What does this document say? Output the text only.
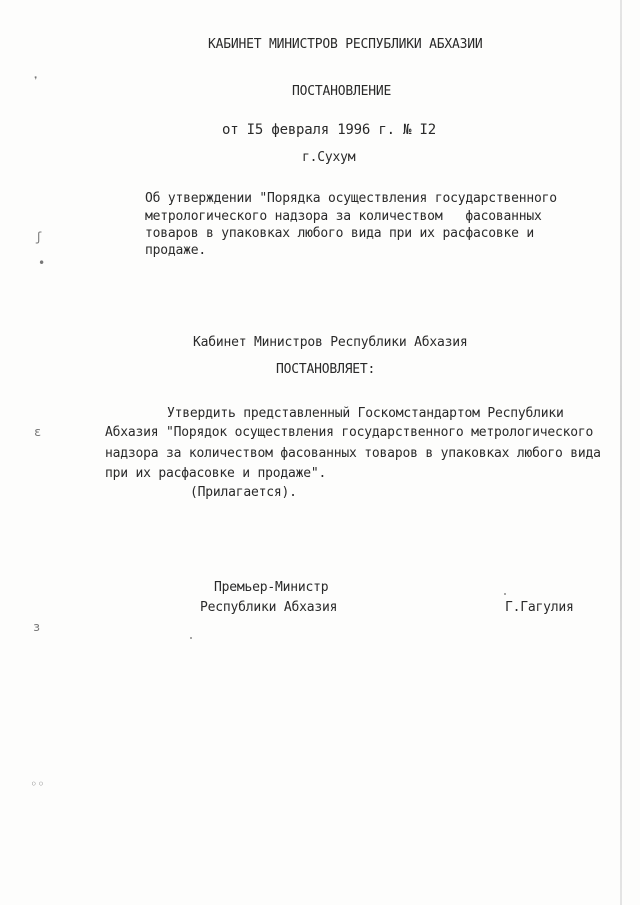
❜
ʃ
•
ɛ
ɜ
◦◦
КАБИНЕТ МИНИСТРОВ РЕСПУБЛИКИ АБХАЗИИ
ПОСТАНОВЛЕНИЕ
от I5 февраля 1996 г. № I2
г.Сухум
Об утверждении "Порядка осуществления государственного
метрологического надзора за количеством   фасованных
товаров в упаковках любого вида при их расфасовке и
продаже.
Кабинет Министров Республики Абхазия
ПОСТАНОВЛЯЕТ:
Утвердить представленный Госкомстандартом Республики
Абхазия "Порядок осуществления государственного метрологического
надзора за количеством фасованных товаров в упаковках любого вида
при их расфасовке и продаже".
(Прилагается).
Премьер-Министр
Республики Абхазия	Г.Гагулия
